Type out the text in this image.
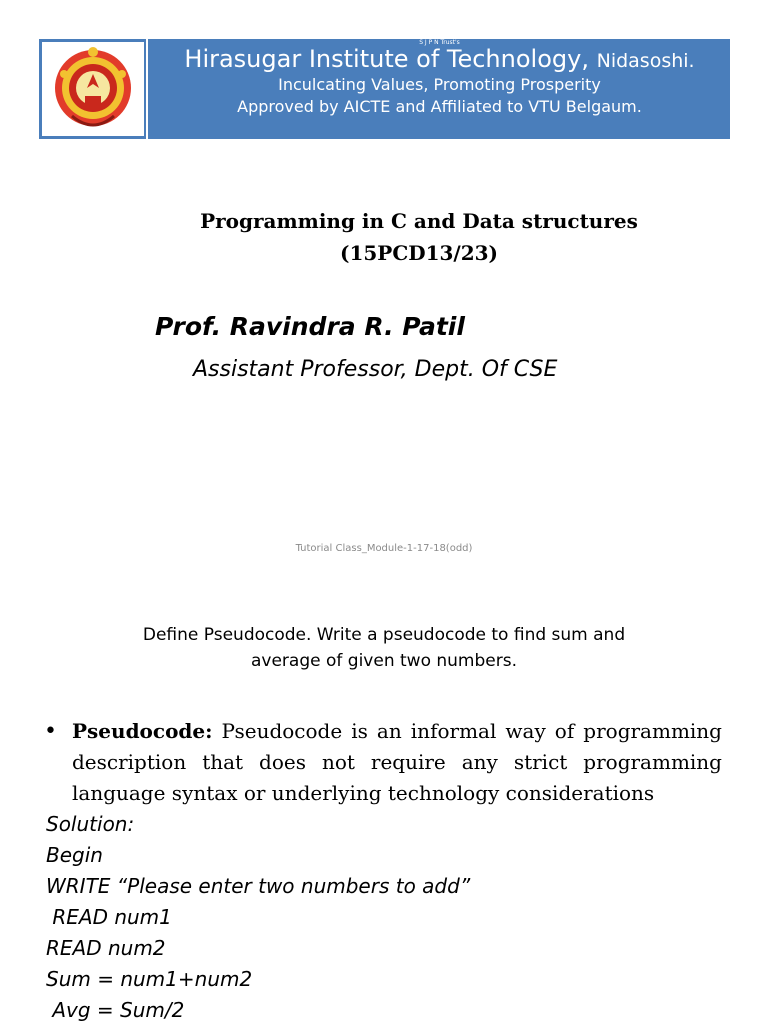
S J P N Trust's
Hirasugar Institute of Technology, Nidasoshi.
Inculcating Values, Promoting Prosperity
Approved by AICTE and Affiliated to VTU Belgaum.
Programming in C and Data structures
(15PCD13/23)
Prof. Ravindra R. Patil
Assistant Professor, Dept. Of CSE
Tutorial Class_Module-1-17-18(odd)
Define Pseudocode. Write a pseudocode to find sum and
average of given two numbers.
• Pseudocode: Pseudocode is an informal way of programming description that does not require any strict programming language syntax or underlying technology considerations
Solution:
Begin
WRITE “Please enter two numbers to add”
READ num1
READ num2
Sum = num1+num2
Avg = Sum/2
